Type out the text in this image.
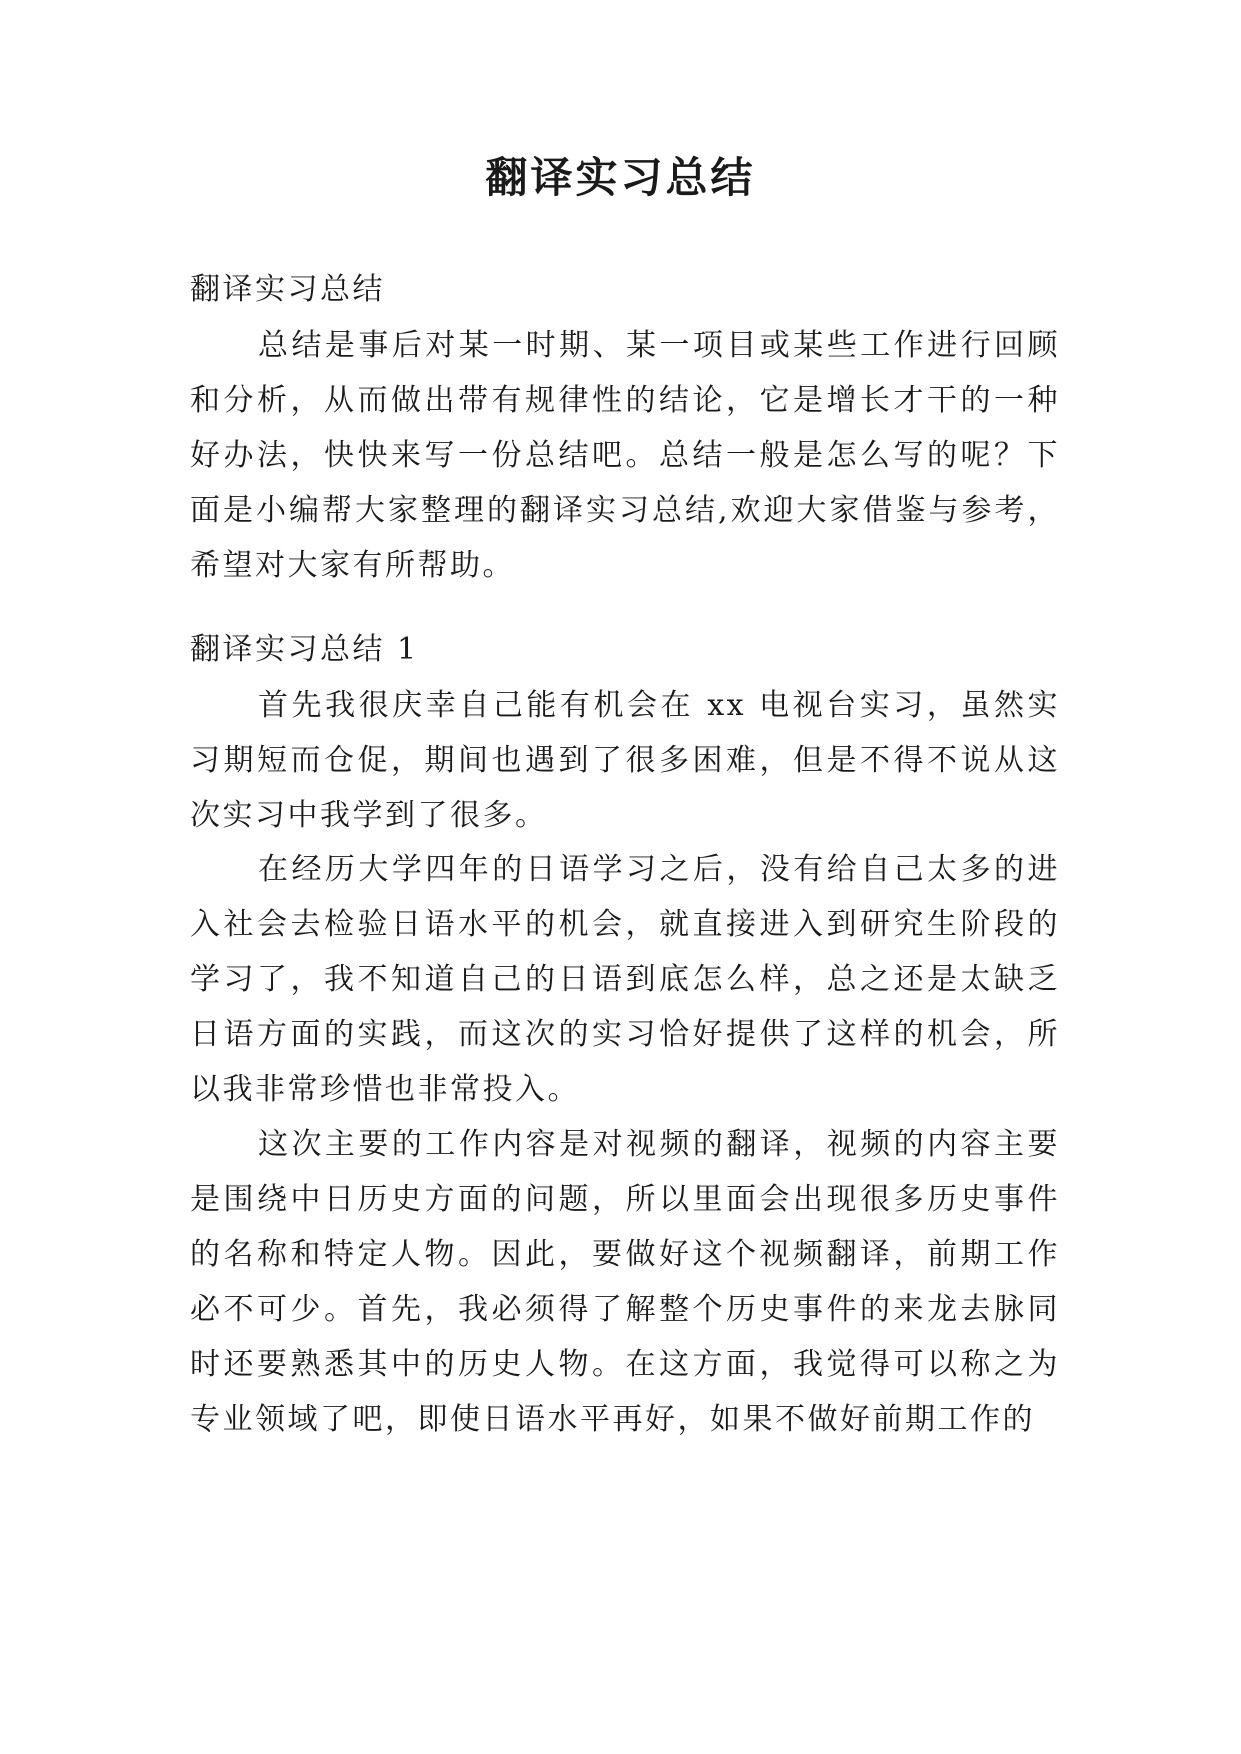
翻译实习总结

翻译实习总结

总结是事后对某一时期、某一项目或某些工作进行回顾和分析，从而做出带有规律性的结论，它是增长才干的一种好办法，快快来写一份总结吧。总结一般是怎么写的呢？下面是小编帮大家整理的翻译实习总结,欢迎大家借鉴与参考，希望对大家有所帮助。

翻译实习总结 1

首先我很庆幸自己能有机会在 xx 电视台实习，虽然实习期短而仓促，期间也遇到了很多困难，但是不得不说从这次实习中我学到了很多。

在经历大学四年的日语学习之后，没有给自己太多的进入社会去检验日语水平的机会，就直接进入到研究生阶段的学习了，我不知道自己的日语到底怎么样，总之还是太缺乏日语方面的实践，而这次的实习恰好提供了这样的机会，所以我非常珍惜也非常投入。

这次主要的工作内容是对视频的翻译，视频的内容主要是围绕中日历史方面的问题，所以里面会出现很多历史事件的名称和特定人物。因此，要做好这个视频翻译，前期工作必不可少。首先，我必须得了解整个历史事件的来龙去脉同时还要熟悉其中的历史人物。在这方面，我觉得可以称之为专业领域了吧，即使日语水平再好，如果不做好前期工作的
